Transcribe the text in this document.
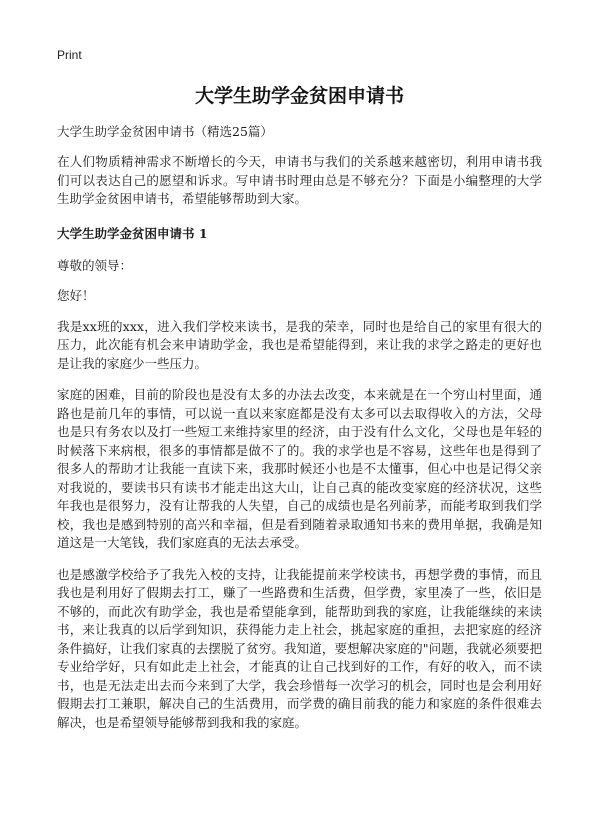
Print
大学生助学金贫困申请书
大学生助学金贫困申请书（精选25篇）

在人们物质精神需求不断增长的今天，申请书与我们的关系越来越密切，利用申请书我们可以表达自己的愿望和诉求。写申请书时理由总是不够充分？下面是小编整理的大学生助学金贫困申请书，希望能够帮助到大家。

大学生助学金贫困申请书 1
尊敬的领导：
您好！

我是xx班的xxx，进入我们学校来读书，是我的荣幸，同时也是给自己的家里有很大的压力，此次能有机会来申请助学金，我也是希望能得到，来让我的求学之路走的更好也是让我的家庭少一些压力。

家庭的困难，目前的阶段也是没有太多的办法去改变，本来就是在一个穷山村里面，通路也是前几年的事情，可以说一直以来家庭都是没有太多可以去取得收入的方法，父母也是只有务农以及打一些短工来维持家里的经济，由于没有什么文化，父母也是年轻的时候落下来病根，很多的事情都是做不了的。我的求学也是不容易，这些年也是得到了很多人的帮助才让我能一直读下来，我那时候还小也是不太懂事，但心中也是记得父亲对我说的，要读书只有读书才能走出这大山，让自己真的能改变家庭的经济状况，这些年我也是很努力，没有让帮我的人失望，自己的成绩也是名列前茅，而能考取到我们学校，我也是感到特别的高兴和幸福，但是看到随着录取通知书来的费用单据，我确是知道这是一大笔钱，我们家庭真的无法去承受。

也是感激学校给予了我先入校的支持，让我能提前来学校读书，再想学费的事情，而且我也是利用好了假期去打工，赚了一些路费和生活费，但学费，家里凑了一些，依旧是不够的，而此次有助学金，我也是希望能拿到，能帮助到我的家庭，让我能继续的来读书，来让我真的以后学到知识，获得能力走上社会，挑起家庭的重担，去把家庭的经济条件搞好，让我们家真的去摆脱了贫穷。我知道，要想解决家庭的"问题，我就必须要把专业给学好，只有如此走上社会，才能真的让自己找到好的工作，有好的收入，而不读书，也是无法走出去而今来到了大学，我会珍惜每一次学习的机会，同时也是会利用好假期去打工兼职，解决自己的生活费用，而学费的确目前我的能力和家庭的条件很难去解决，也是希望领导能够帮到我和我的家庭。
